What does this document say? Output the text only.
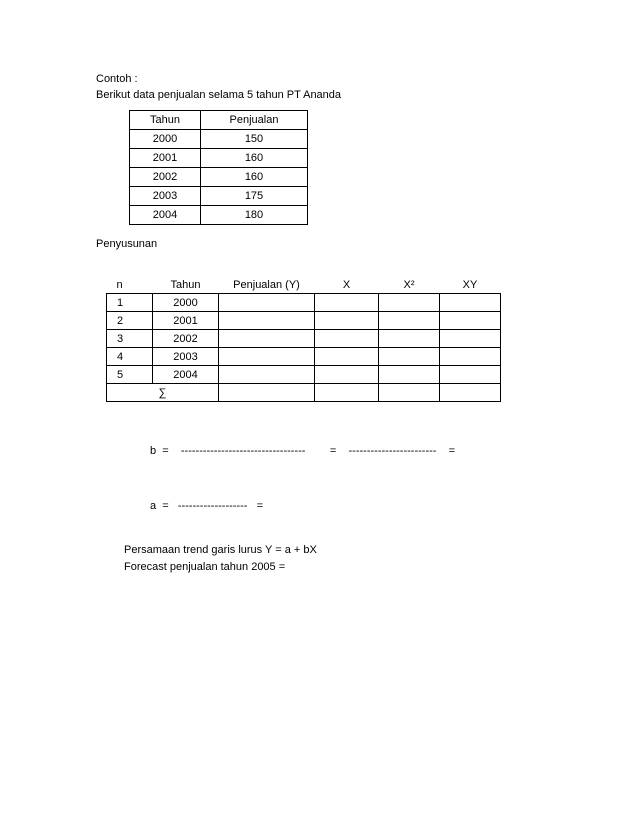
Contoh :
Berikut data penjualan selama 5 tahun PT Ananda
Tahun	Penjualan
2000	150
2001	160
2002	160
2003	175
2004	180
Penyusunan
n	Tahun	Penjualan (Y)	X	X²	XY
1	2000				
2	2001				
3	2002				
4	2003				
5	2004				
∑					
b  =    ----------------------------------        =    ------------------------    =
a  =   -------------------   =
Persamaan trend garis lurus Y = a + bX
Forecast penjualan tahun 2005 =
